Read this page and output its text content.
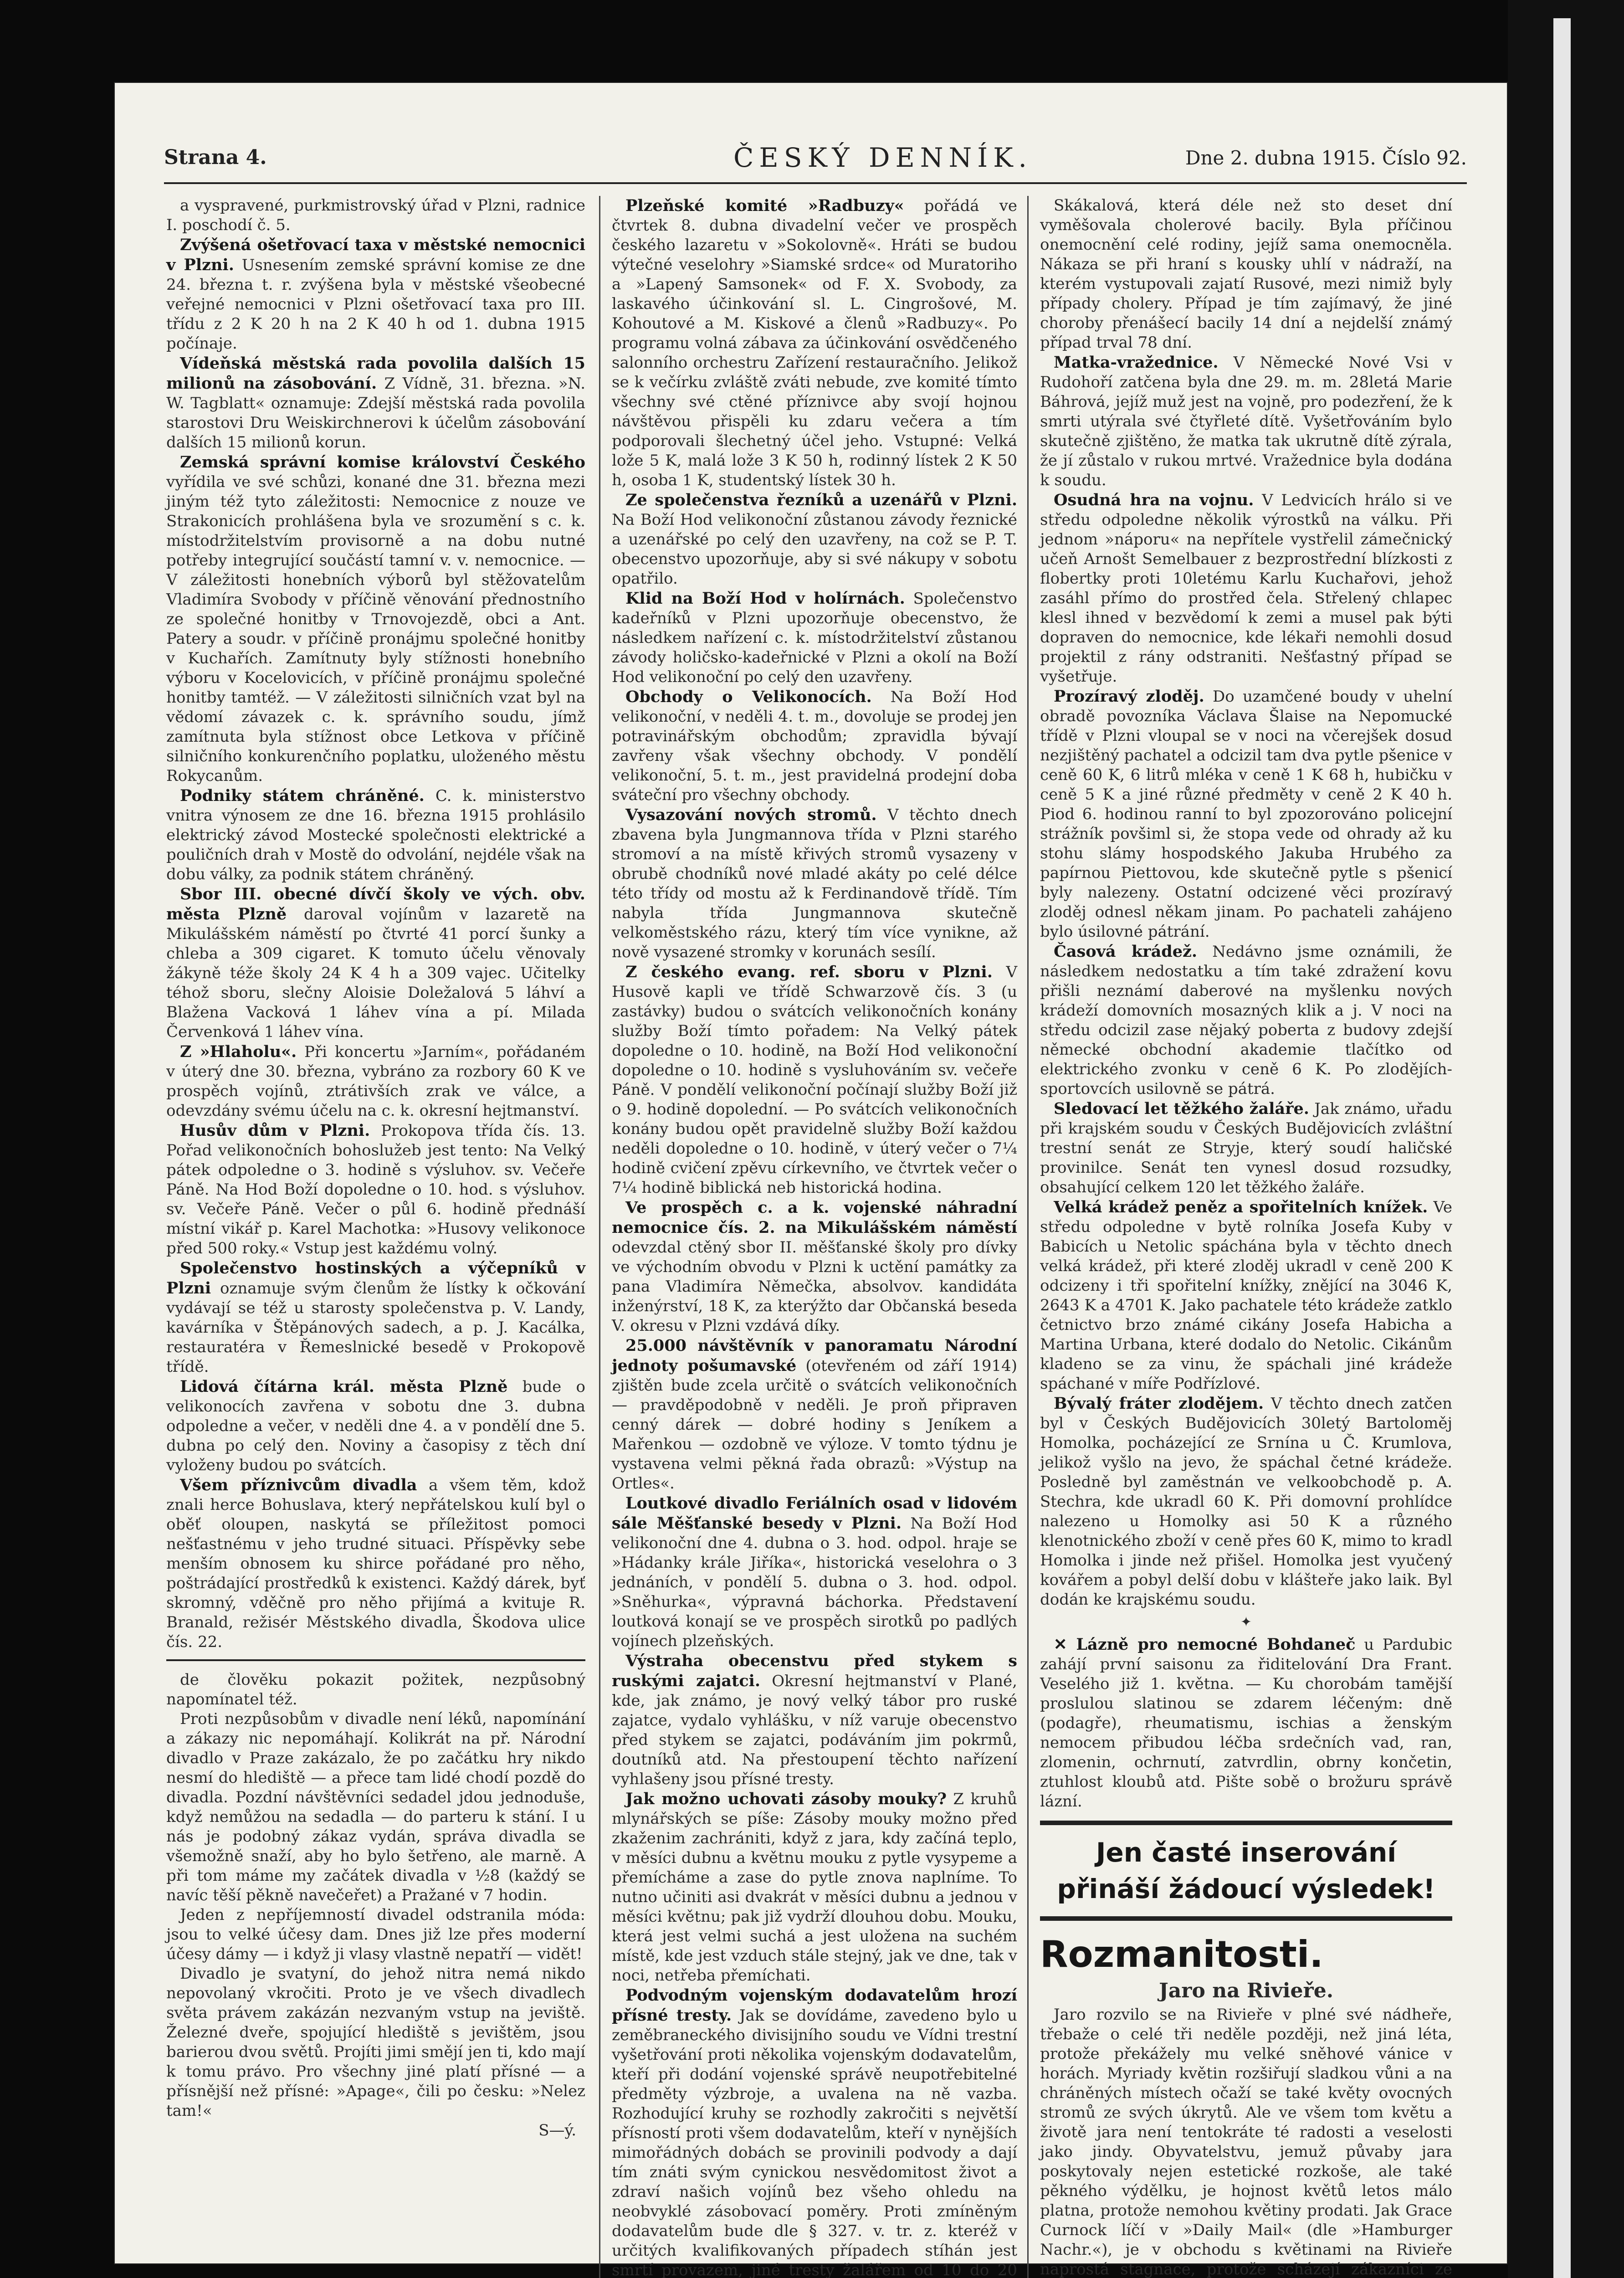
Strana 4.	ČESKÝ DENNÍK.	Dne 2. dubna 1915. Číslo 92.

a vyspravené, purkmistrovský úřad v Plzni, radnice I. poschodí č. 5.

Zvýšená ošetřovací taxa v městské nemocnici v Plzni. Usnesením zemské správní komise ze dne 24. března t. r. zvýšena byla v městské všeobecné veřejné nemocnici v Plzni ošetřovací taxa pro III. třídu z 2 K 20 h na 2 K 40 h od 1. dubna 1915 počínaje.

Vídeňská městská rada povolila dalších 15 milionů na zásobování. Z Vídně, 31. března. »N. W. Tagblatt« oznamuje: Zdejší městská rada povolila starostovi Dru Weiskirchnerovi k účelům zásobování dalších 15 milionů korun.

Zemská správní komise království Českého vyřídila ve své schůzi, konané dne 31. března mezi jiným též tyto záležitosti: Nemocnice z nouze ve Strakonicích prohlášena byla ve srozumění s c. k. místodržitelstvím provisorně a na dobu nutné potřeby integrující součástí tamní v. v. nemocnice. — V záležitosti honebních výborů byl stěžovatelům Vladimíra Svobody v příčině věnování přednostního ze společné honitby v Trnovojezdě, obci a Ant. Patery a soudr. v příčině pronájmu společné honitby v Kuchařích. Zamítnuty byly stížnosti honebního výboru v Kocelovicích, v příčině pronájmu společné honitby tamtéž. — V záležitosti silničních vzat byl na vědomí závazek c. k. správního soudu, jímž zamítnuta byla stížnost obce Letkova v příčině silničního konkurenčního poplatku, uloženého městu Rokycanům.

Podniky státem chráněné. C. k. ministerstvo vnitra výnosem ze dne 16. března 1915 prohlásilo elektrický závod Mostecké společnosti elektrické a pouličních drah v Mostě do odvolání, nejdéle však na dobu války, za podnik státem chráněný.

Sbor III. obecné dívčí školy ve vých. obv. města Plzně daroval vojínům v lazaretě na Mikulášském náměstí po čtvrté 41 porcí šunky a chleba a 309 cigaret. K tomuto účelu věnovaly žákyně téže školy 24 K 4 h a 309 vajec. Učitelky téhož sboru, slečny Aloisie Doležalová 5 láhví a Blažena Vacková 1 láhev vína a pí. Milada Červenková 1 láhev vína.

Z »Hlaholu«. Při koncertu »Jarním«, pořádaném v úterý dne 30. března, vybráno za rozbory 60 K ve prospěch vojínů, ztrátivších zrak ve válce, a odevzdány svému účelu na c. k. okresní hejtmanství.

Husův dům v Plzni. Prokopova třída čís. 13. Pořad velikonočních bohoslužeb jest tento: Na Velký pátek odpoledne o 3. hodině s výsluhov. sv. Večeře Páně. Na Hod Boží dopoledne o 10. hod. s výsluhov. sv. Večeře Páně. Večer o půl 6. hodině přednáší místní vikář p. Karel Machotka: »Husovy velikonoce před 500 roky.« Vstup jest každému volný.

Společenstvo hostinských a výčepníků v Plzni oznamuje svým členům že lístky k očkování vydávají se též u starosty společenstva p. V. Landy, kavárníka v Štěpánových sadech, a p. J. Kacálka, restauratéra v Řemeslnické besedě v Prokopově třídě.

Lidová čítárna král. města Plzně bude o velikonocích zavřena v sobotu dne 3. dubna odpoledne a večer, v neděli dne 4. a v pondělí dne 5. dubna po celý den. Noviny a časopisy z těch dní vyloženy budou po svátcích.

Všem příznivcům divadla a všem těm, kdož znali herce Bohuslava, který nepřátelskou kulí byl o oběť oloupen, naskytá se příležitost pomoci nešťastnému v jeho trudné situaci. Příspěvky sebe menším obnosem ku shirce pořádané pro něho, poštrádající prostředků k existenci. Každý dárek, byť skromný, vděčně pro něho přijímá a kvituje R. Branald, režisér Městského divadla, Škodova ulice čís. 22.

de člověku pokazit požitek, nezpůsobný napomínatel též.

Proti nezpůsobům v divadle není léků, napomínání a zákazy nic nepomáhají. Kolikrát na př. Národní divadlo v Praze zakázalo, že po začátku hry nikdo nesmí do hlediště — a přece tam lidé chodí pozdě do divadla. Pozdní návštěvníci sedadel jdou jednoduše, když nemůžou na sedadla — do parteru k stání. I u nás je podobný zákaz vydán, správa divadla se všemožně snaží, aby ho bylo šetřeno, ale marně. A při tom máme my začátek divadla v ½8 (každý se navíc těší pěkně navečeřet) a Pražané v 7 hodin.

Jeden z nepříjemností divadel odstranila móda: jsou to velké účesy dam. Dnes již lze přes moderní účesy dámy — i když ji vlasy vlastně nepatří — vidět!

Divadlo je svatyní, do jehož nitra nemá nikdo nepovolaný vkročiti. Proto je ve všech divadlech světa právem zakázán nezvaným vstup na jeviště. Železné dveře, spojující hlediště s jevištěm, jsou barierou dvou světů. Projíti jimi smějí jen ti, kdo mají k tomu právo. Pro všechny jiné platí přísné — a přísnější než přísné: »Apage«, čili po česku: »Nelez tam!«

S—ý.

Plzeňské komité »Radbuzy« pořádá ve čtvrtek 8. dubna divadelní večer ve prospěch českého lazaretu v »Sokolovně«. Hráti se budou výtečné veselohry »Siamské srdce« od Muratoriho a »Lapený Samsonek« od F. X. Svobody, za laskavého účinkování sl. L. Cingrošové, M. Kohoutové a M. Kiskové a členů »Radbuzy«. Po programu volná zábava za účinkování osvědčeného salonního orchestru Zařízení restauračního. Jelikož se k večírku zvláště zváti nebude, zve komité tímto všechny své ctěné příznivce aby svojí hojnou návštěvou přispěli ku zdaru večera a tím podporovali šlechetný účel jeho. Vstupné: Velká lože 5 K, malá lože 3 K 50 h, rodinný lístek 2 K 50 h, osoba 1 K, studentský lístek 30 h.

Ze společenstva řezníků a uzenářů v Plzni. Na Boží Hod velikonoční zůstanou závody řeznické a uzenářské po celý den uzavřeny, na což se P. T. obecenstvo upozorňuje, aby si své nákupy v sobotu opatřilo.

Klid na Boží Hod v holírnách. Společenstvo kadeřníků v Plzni upozorňuje obecenstvo, že následkem nařízení c. k. místodržitelství zůstanou závody holičsko-kadeřnické v Plzni a okolí na Boží Hod velikonoční po celý den uzavřeny.

Obchody o Velikonocích. Na Boží Hod velikonoční, v neděli 4. t. m., dovoluje se prodej jen potravinářským obchodům; zpravidla bývají zavřeny však všechny obchody. V pondělí velikonoční, 5. t. m., jest pravidelná prodejní doba sváteční pro všechny obchody.

Vysazování nových stromů. V těchto dnech zbavena byla Jungmannova třída v Plzni starého stromoví a na místě křivých stromů vysazeny v obrubě chodníků nové mladé akáty po celé délce této třídy od mostu až k Ferdinandově třídě. Tím nabyla třída Jungmannova skutečně velkoměstského rázu, který tím více vynikne, až nově vysazené stromky v korunách sesílí.

Z českého evang. ref. sboru v Plzni. V Husově kapli ve třídě Schwarzově čís. 3 (u zastávky) budou o svátcích velikonočních konány služby Boží tímto pořadem: Na Velký pátek dopoledne o 10. hodině, na Boží Hod velikonoční dopoledne o 10. hodině s vysluhováním sv. večeře Páně. V pondělí velikonoční počínají služby Boží již o 9. hodině dopolední. — Po svátcích velikonočních konány budou opět pravidelně služby Boží každou neděli dopoledne o 10. hodině, v úterý večer o 7¼ hodině cvičení zpěvu církevního, ve čtvrtek večer o 7¼ hodině biblická neb historická hodina.

Ve prospěch c. a k. vojenské náhradní nemocnice čís. 2. na Mikulášském náměstí odevzdal ctěný sbor II. měšťanské školy pro dívky ve východním obvodu v Plzni k uctění památky za pana Vladimíra Němečka, absolvov. kandidáta inženýrství, 18 K, za kterýžto dar Občanská beseda V. okresu v Plzni vzdává díky.

25.000 návštěvník v panoramatu Národní jednoty pošumavské (otevřeném od září 1914) zjištěn bude zcela určitě o svátcích velikonočních — pravděpodobně v neděli. Je proň připraven cenný dárek — dobré hodiny s Jeníkem a Mařenkou — ozdobně ve výloze. V tomto týdnu je vystavena velmi pěkná řada obrazů: »Výstup na Ortles«.

Loutkové divadlo Feriálních osad v lidovém sále Měšťanské besedy v Plzni. Na Boží Hod velikonoční dne 4. dubna o 3. hod. odpol. hraje se »Hádanky krále Jiříka«, historická veselohra o 3 jednáních, v pondělí 5. dubna o 3. hod. odpol. »Sněhurka«, výpravná báchorka. Představení loutková konají se ve prospěch sirotků po padlých vojínech plzeňských.

Výstraha obecenstvu před stykem s ruskými zajatci. Okresní hejtmanství v Plané, kde, jak známo, je nový velký tábor pro ruské zajatce, vydalo vyhlášku, v níž varuje obecenstvo před stykem se zajatci, podáváním jim pokrmů, doutníků atd. Na přestoupení těchto nařízení vyhlašeny jsou přísné tresty.

Jak možno uchovati zásoby mouky? Z kruhů mlynářských se píše: Zásoby mouky možno před zkaženim zachrániti, když z jara, kdy začíná teplo, v měsíci dubnu a květnu mouku z pytle vysypeme a přemícháme a zase do pytle znova naplníme. To nutno učiniti asi dvakrát v měsíci dubnu a jednou v měsíci květnu; pak již vydrží dlouhou dobu. Mouku, která jest velmi suchá a jest uložena na suchém místě, kde jest vzduch stále stejný, jak ve dne, tak v noci, netřeba přemíchati.

Podvodným vojenským dodavatelům hrozí přísné tresty. Jak se dovídáme, zavedeno bylo u zeměbraneckého divisijního soudu ve Vídni trestní vyšetřování proti několika vojenským dodavatelům, kteří při dodání vojenské správě neupotřebitelné předměty výzbroje, a uvalena na ně vazba. Rozhodující kruhy se rozhodly zakročiti s největší přísností proti všem dodavatelům, kteří v nynějších mimořádných dobách se provinili podvody a dají tím znáti svým cynickou nesvědomitost život a zdraví našich vojínů bez všeho ohledu na neobvyklé zásobovací poměry. Proti zmíněným dodavatelům bude dle § 327. v. tr. z. kteréž v určitých kvalifikovaných případech stíhán jest smrtí provazem, jiné tresty žalářem od 10 do 20

Skákalová, která déle než sto deset dní vyměšovala cholerové bacily. Byla příčinou onemocnění celé rodiny, jejíž sama onemocněla. Nákaza se při hraní s kousky uhlí v nádraží, na kterém vystupovali zajatí Rusové, mezi nimiž byly případy cholery. Případ je tím zajímavý, že jiné choroby přenášecí bacily 14 dní a nejdelší známý případ trval 78 dní.

Matka-vražednice. V Německé Nové Vsi v Rudohoří zatčena byla dne 29. m. m. 28letá Marie Báhrová, jejíž muž jest na vojně, pro podezření, že k smrti utýrala své čtyřleté dítě. Vyšetřováním bylo skutečně zjištěno, že matka tak ukrutně dítě zýrala, že jí zůstalo v rukou mrtvé. Vražednice byla dodána k soudu.

Osudná hra na vojnu. V Ledvicích hrálo si ve středu odpoledne několik výrostků na válku. Při jednom »náporu« na nepřítele vystřelil zámečnický učeň Arnošt Semelbauer z bezprostřední blízkosti z flobertky proti 10letému Karlu Kuchařovi, jehož zasáhl přímo do prostřed čela. Střelený chlapec klesl ihned v bezvědomí k zemi a musel pak býti dopraven do nemocnice, kde lékaři nemohli dosud projektil z rány odstraniti. Nešťastný případ se vyšetřuje.

Prozíravý zloděj. Do uzamčené boudy v uhelní obradě povozníka Václava Šlaise na Nepomucké třídě v Plzni vloupal se v noci na včerejšek dosud nezjištěný pachatel a odcizil tam dva pytle pšenice v ceně 60 K, 6 litrů mléka v ceně 1 K 68 h, hubičku v ceně 5 K a jiné různé předměty v ceně 2 K 40 h. Piod 6. hodinou ranní to byl zpozorováno policejní strážník povšiml si, že stopa vede od ohrady až ku stohu slámy hospodského Jakuba Hrubého za papírnou Piettovou, kde skutečně pytle s pšenicí byly nalezeny. Ostatní odcizené věci prozíravý zloděj odnesl někam jinam. Po pachateli zahájeno bylo úsilovné pátrání.

Časová krádež. Nedávno jsme oznámili, že následkem nedostatku a tím také zdražení kovu přišli neznámí daberové na myšlenku nových krádeží domovních mosazných klik a j. V noci na středu odcizil zase nějaký pobertа z budovy zdejší německé obchodní akademie tlačítko od elektrického zvonku v ceně 6 K. Po zlodějích-sportovcích usilovně se pátrá.

Sledovací let těžkého žaláře. Jak známo, uřadu při krajském soudu v Českých Budějovicích zvláštní trestní senát ze Stryje, který soudí haličské provinilce. Senát ten vynesl dosud rozsudky, obsahující celkem 120 let těžkého žaláře.

Velká krádež peněz a spořitelních knížek. Ve středu odpoledne v bytě rolníka Josefa Kuby v Babicích u Netolic spáchána byla v těchto dnech velká krádež, při které zloděj ukradl v ceně 200 K odcizeny i tři spořitelní knížky, znějící na 3046 K, 2643 K a 4701 K. Jako pachatele této krádeže zatklo četnictvo brzo známé cikány Josefa Habicha a Martina Urbana, které dodalo do Netolic. Cikánům kladeno se za vinu, že spáchali jiné krádeže spáchané v míře Podřízlové.

Bývalý fráter zlodějem. V těchto dnech zatčen byl v Českých Budějovicích 30letý Bartoloměj Homolka, pocházející ze Srnína u Č. Krumlova, jelikož vyšlo na jevo, že spáchal četné krádeže. Posledně byl zaměstnán ve velkoobchodě p. A. Stechra, kde ukradl 60 K. Při domovní prohlídce nalezeno u Homolky asi 50 K a různého klenotnického zboží v ceně přes 60 K, mimo to kradl Homolka i jinde než přišel. Homolka jest vyučený kovářem a pobyl delší dobu v klášteře jako laik. Byl dodán ke krajskému soudu.

✦

✕ Lázně pro nemocné Bohdaneč u Pardubic zahájí první saisonu za řiditelování Dra Frant. Veselého již 1. května. — Ku chorobám tamější proslulou slatinou se zdarem léčeným: dně (podagře), rheumatismu, ischias a ženským nemocem přibudou léčba srdečních vad, ran, zlomenin, ochrnutí, zatvrdlin, obrny končetin, ztuhlost kloubů atd. Pište sobě o brožuru správě lázní.

Jen časté inserování
přináší žádoucí výsledek!
Rozmanitosti.
Jaro na Rivieře.

Jaro rozvilo se na Rivieře v plné své nádheře, třebaže o celé tři neděle později, než jiná léta, protože překážely mu velké sněhové vánice v horách. Myriady květin rozšiřují sladkou vůni a na chráněných místech očaží se také květy ovocných stromů ze svých úkrytů. Ale ve všem tom květu a životě jara není tentokráte té radosti a veselosti jako jindy. Obyvatelstvu, jemuž půvaby jara poskytovaly nejen estetické rozkoše, ale také pěkného výdělku, je hojnost květů letos málo platna, protože nemohou květiny prodati. Jak Grace Curnock líčí v »Daily Mail« (dle »Hamburger Nachr.«), je v obchodu s květinami na Rivieře naprostá stagnace, protože scházejí zákazníci ze
